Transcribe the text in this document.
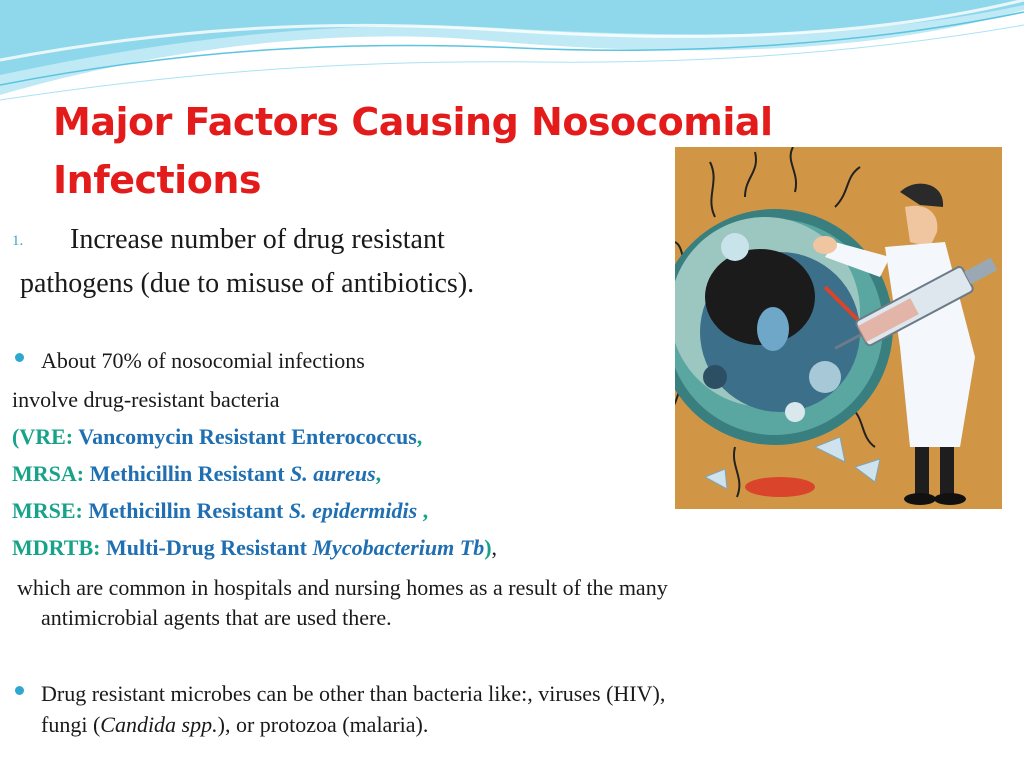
Major Factors Causing Nosocomial Infections
1. Increase number of drug resistant
pathogens (due to misuse of antibiotics).
About 70% of nosocomial infections
involve drug-resistant bacteria
(VRE: Vancomycin Resistant Enterococcus,
MRSA: Methicillin Resistant S. aureus,
MRSE: Methicillin Resistant S. epidermidis ,
MDRTB: Multi-Drug Resistant Mycobacterium Tb),
which are common in hospitals and nursing homes as a result of the many
antimicrobial agents that are used there.
Drug resistant microbes can be other than bacteria like:, viruses (HIV),
fungi (Candida spp.), or protozoa (malaria).
